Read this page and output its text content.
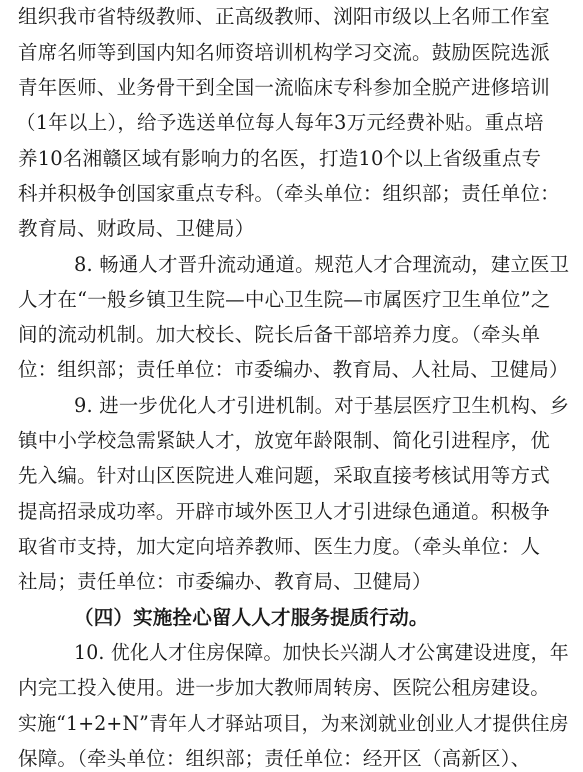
组织我市省特级教师、正高级教师、浏阳市级以上名师工作室

首席名师等到国内知名师资培训机构学习交流。鼓励医院选派

青年医师、业务骨干到全国一流临床专科参加全脱产进修培训

（1年以上），给予选送单位每人每年3万元经费补贴。重点培

养10名湘赣区域有影响力的名医，打造10个以上省级重点专

科并积极争创国家重点专科。（牵头单位：组织部；责任单位：

教育局、财政局、卫健局）

8. 畅通人才晋升流动通道。规范人才合理流动，建立医卫

人才在“一般乡镇卫生院—中心卫生院—市属医疗卫生单位”之

间的流动机制。加大校长、院长后备干部培养力度。（牵头单

位：组织部；责任单位：市委编办、教育局、人社局、卫健局）

9. 进一步优化人才引进机制。对于基层医疗卫生机构、乡

镇中小学校急需紧缺人才，放宽年龄限制、简化引进程序，优

先入编。针对山区医院进人难问题，采取直接考核试用等方式

提高招录成功率。开辟市域外医卫人才引进绿色通道。积极争

取省市支持，加大定向培养教师、医生力度。（牵头单位：人

社局；责任单位：市委编办、教育局、卫健局）

（四）实施拴心留人人才服务提质行动。

10. 优化人才住房保障。加快长兴湖人才公寓建设进度，年

内完工投入使用。进一步加大教师周转房、医院公租房建设。

实施“1+2+N”青年人才驿站项目，为来浏就业创业人才提供住房

保障。（牵头单位：组织部；责任单位：经开区（高新区）、
